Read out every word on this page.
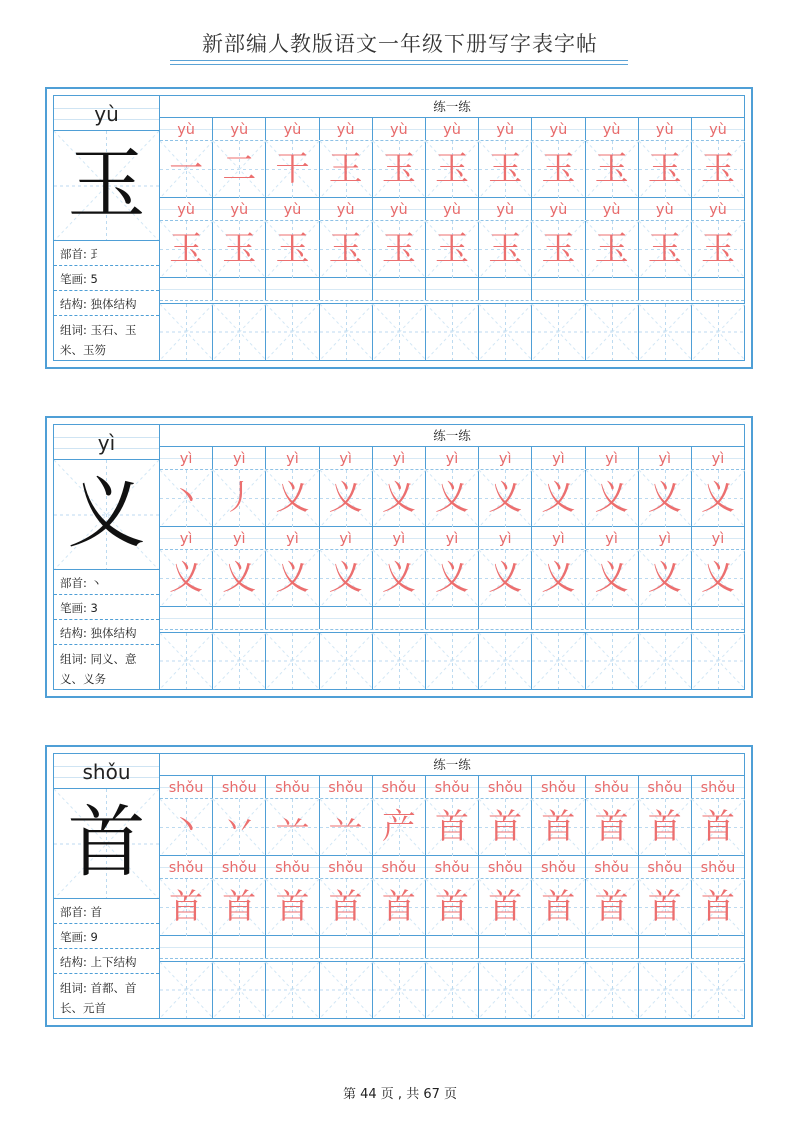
新部编人教版语文一年级下册写字表字帖
yù
玉
部首: ⺩
笔画: 5
结构: 独体结构
组词: 玉石、玉
米、玉笏
练一练
yù	yù	yù	yù	yù	yù	yù	yù	yù	yù	yù
一 二 干 王 玉 玉 玉 玉 玉 玉 玉
yù	yù	yù	yù	yù	yù	yù	yù	yù	yù	yù
玉 玉 玉 玉 玉 玉 玉 玉 玉 玉 玉
yì
义
部首: 丶
笔画: 3
结构: 独体结构
组词: 同义、意
义、义务
练一练
yì	yì	yì	yì	yì	yì	yì	yì	yì	yì	yì
丶 丿 义 义 义 义 义 义 义 义 义
yì	yì	yì	yì	yì	yì	yì	yì	yì	yì	yì
义 义 义 义 义 义 义 义 义 义 义
shǒu
首
部首: 首
笔画: 9
结构: 上下结构
组词: 首都、首
长、元首
练一练
shǒu	shǒu	shǒu	shǒu	shǒu	shǒu	shǒu	shǒu	shǒu	shǒu	shǒu
丶 丷 䒑 䒑 产 首 首 首 首 首 首
shǒu	shǒu	shǒu	shǒu	shǒu	shǒu	shǒu	shǒu	shǒu	shǒu	shǒu
首 首 首 首 首 首 首 首 首 首 首
第 44 页 , 共 67 页
